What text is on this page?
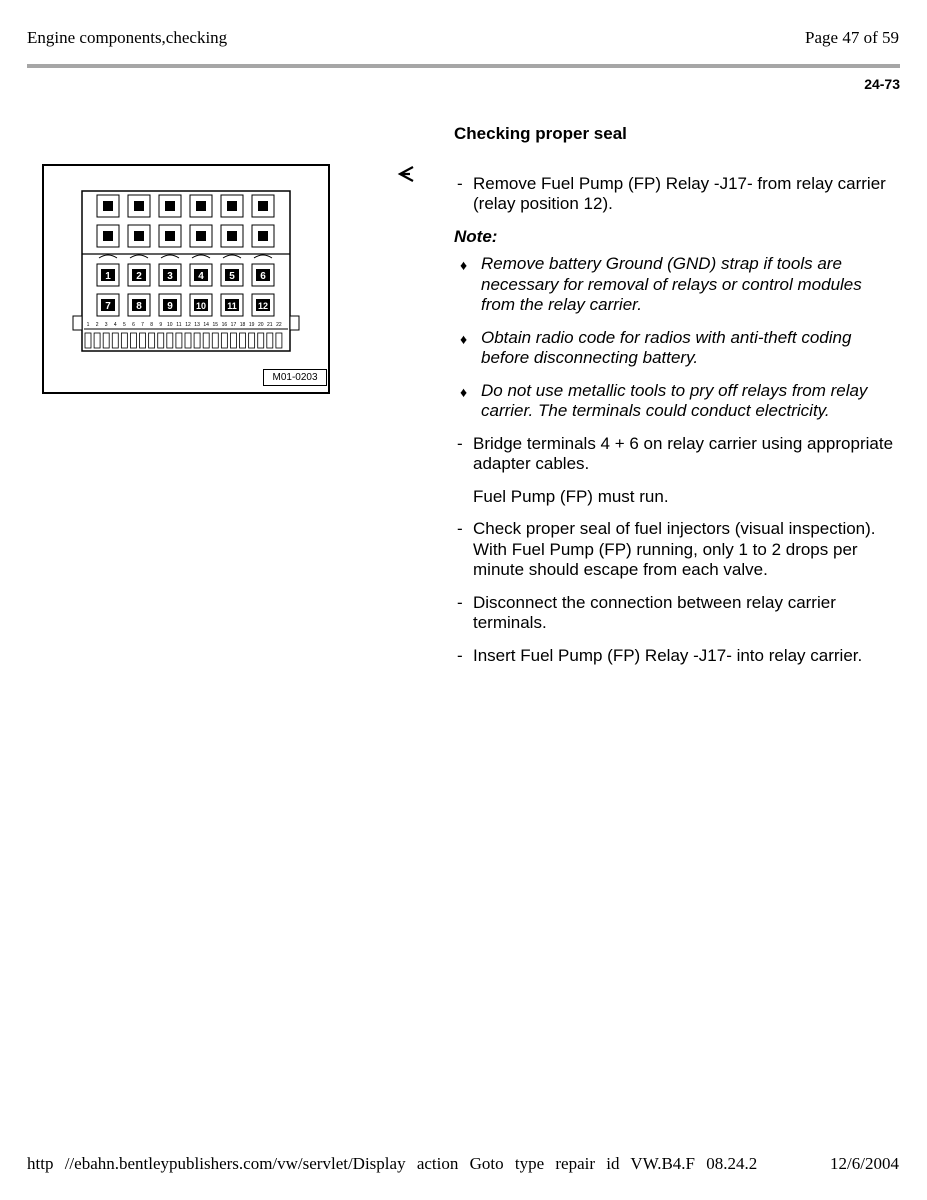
Engine components,checking	Page 47 of 59
24-73
1	2	3	4	5	6
7	8	9	10 11 12
1 2 3 4 5 6 7 8 9 10 11 12 13 14 15 16 17 18 19 20 21 22
M01-0203
Checking proper seal
- Remove Fuel Pump (FP) Relay -J17- from relay carrier (relay position 12).
Note:
♦ Remove battery Ground (GND) strap if tools are necessary for removal of relays or control modules from the relay carrier.
♦ Obtain radio code for radios with anti-theft coding before disconnecting battery.
♦ Do not use metallic tools to pry off relays from relay carrier. The terminals could conduct electricity.
- Bridge terminals 4 + 6 on relay carrier using appropriate adapter cables.
Fuel Pump (FP) must run.
- Check proper seal of fuel injectors (visual inspection). With Fuel Pump (FP) running, only 1 to 2 drops per minute should escape from each valve.
- Disconnect the connection between relay carrier terminals.
- Insert Fuel Pump (FP) Relay -J17- into relay carrier.
http //ebahn.bentleypublishers.com/vw/servlet/Display action Goto type repair id VW.B4.F 08.24.2	12/6/2004
